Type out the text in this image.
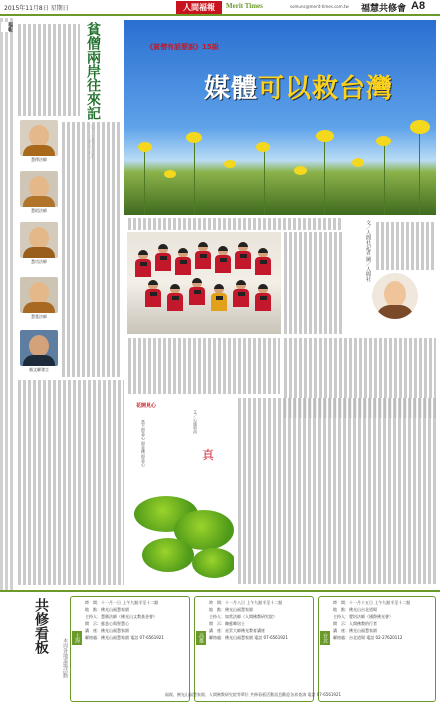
2015年11月8日 星期日	人間福報	Merit Times	somuns@merit-times.com.tw 福慧共修會 A8
福報	貧僧兩岸往來記
慧傳法師
慧昭法師
慧功法師
慧寬法師
顏文聯發言
《貧僧有話要說》15說
媒體可以救台灣
文／人間社記者 圖／人間社
花開見心
當下即是心 即是佛 即是心	文／心蓮和尚
真
共修看板
本周各地道場活動	上海
時　間：十一月一日 上午九點半至十二點
地　點：佛光山福慧家園
主持人：慧勝法師（佛光山文教基金會）
開　示：慈悲心與智慧心
講　座：佛光山福慧家園
聯絡處：佛光山福慧家園 電話 07-6561921	高雄
時　間：十一月八日 上午九點半至十二點
地　點：佛光山福慧家園
主持人：如常法師（人間佛教研究院）
開　示：陳慈暉居士
講　座：星雲大師佛光教育講座
聯絡處：佛光山福慧家園 電話 07-6561921	台北
時　間：十一月十五日 上午九點半至十二點
地　點：佛光山台北道場
主持人：覺培法師（國際佛光會）
開　示：人間佛教的行者
講　座：佛光山福慧家園
聯絡處：台北道場 電話 02-27620112
福報、佛光山福慧家園、人間佛教研究院等單位 共修看板活動訊息歡迎各界查詢 電話 07-6561921
